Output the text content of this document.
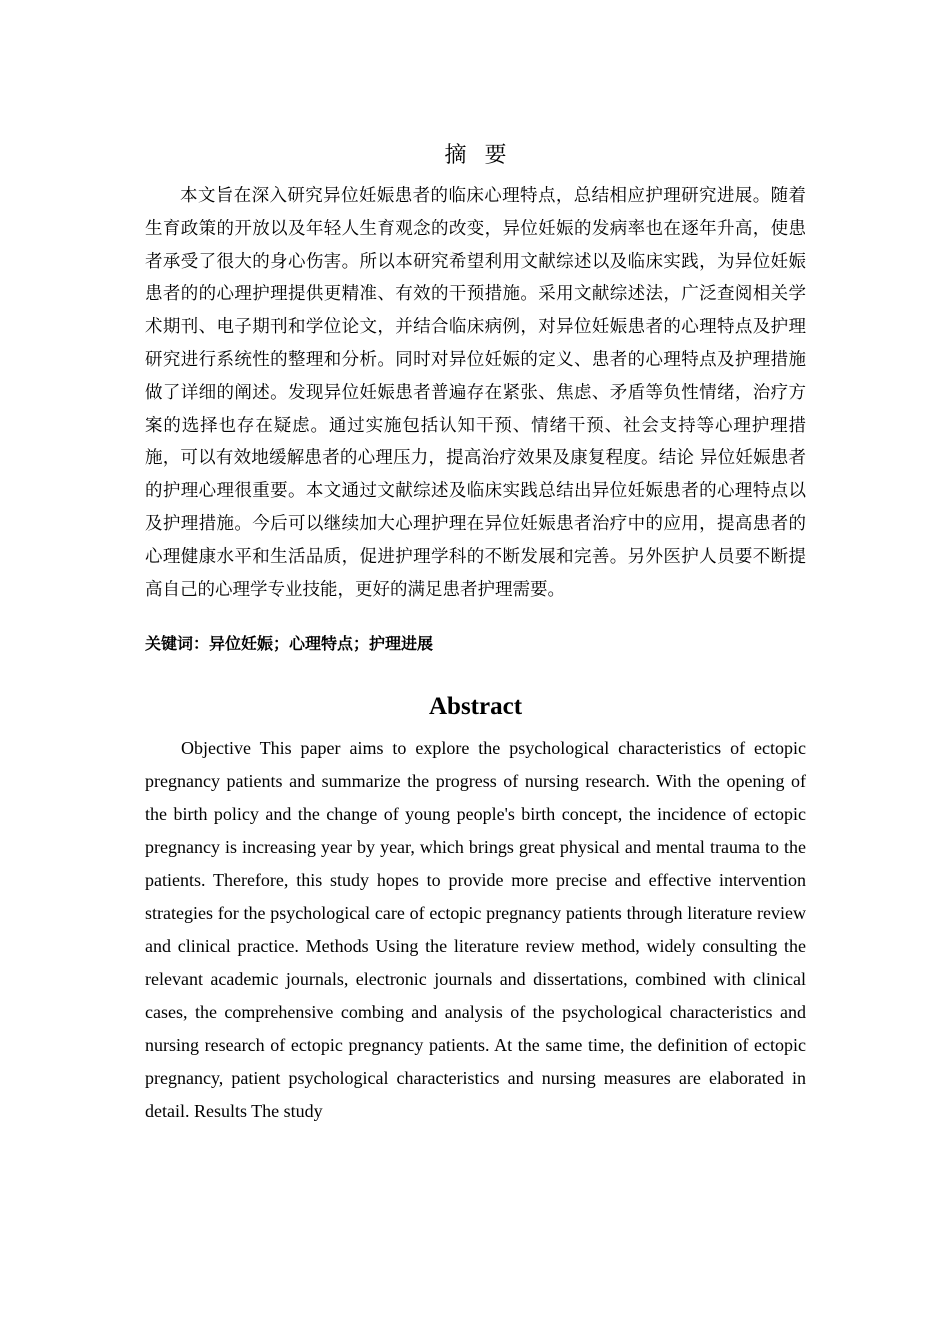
摘要

本文旨在深入研究异位妊娠患者的临床心理特点，总结相应护理研究进展。随着生育政策的开放以及年轻人生育观念的改变，异位妊娠的发病率也在逐年升高，使患者承受了很大的身心伤害。所以本研究希望利用文献综述以及临床实践，为异位妊娠患者的的心理护理提供更精准、有效的干预措施。采用文献综述法，广泛查阅相关学术期刊、电子期刊和学位论文，并结合临床病例，对异位妊娠患者的心理特点及护理研究进行系统性的整理和分析。同时对异位妊娠的定义、患者的心理特点及护理措施做了详细的阐述。发现异位妊娠患者普遍存在紧张、焦虑、矛盾等负性情绪，治疗方案的选择也存在疑虑。通过实施包括认知干预、情绪干预、社会支持等心理护理措施，可以有效地缓解患者的心理压力，提高治疗效果及康复程度。结论 异位妊娠患者的护理心理很重要。本文通过文献综述及临床实践总结出异位妊娠患者的心理特点以及护理措施。今后可以继续加大心理护理在异位妊娠患者治疗中的应用，提高患者的心理健康水平和生活品质，促进护理学科的不断发展和完善。另外医护人员要不断提高自己的心理学专业技能，更好的满足患者护理需要。

关键词：异位妊娠；心理特点；护理进展
Abstract

Objective This paper aims to explore the psychological characteristics of ectopic pregnancy patients and summarize the progress of nursing research. With the opening of the birth policy and the change of young people's birth concept, the incidence of ectopic pregnancy is increasing year by year, which brings great physical and mental trauma to the patients. Therefore, this study hopes to provide more precise and effective intervention strategies for the psychological care of ectopic pregnancy patients through literature review and clinical practice. Methods Using the literature review method, widely consulting the relevant academic journals, electronic journals and dissertations, combined with clinical cases, the comprehensive combing and analysis of the psychological characteristics and nursing research of ectopic pregnancy patients. At the same time, the definition of ectopic pregnancy, patient psychological characteristics and nursing measures are elaborated in detail. Results The study
